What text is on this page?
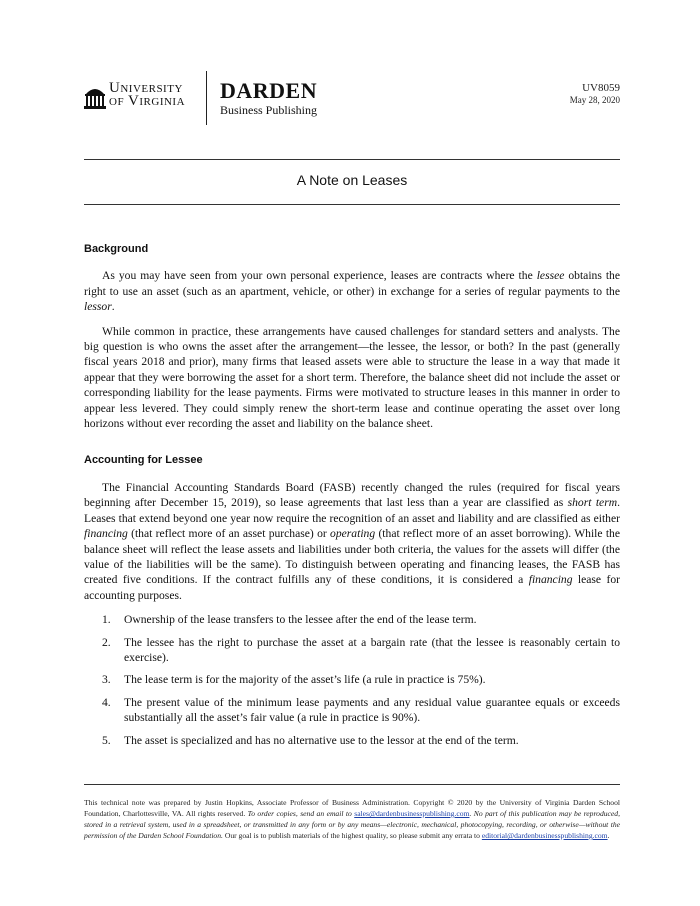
University
of Virginia DARDEN
Business Publishing
UV8059
May 28, 2020
A Note on Leases
Background

As you may have seen from your own personal experience, leases are contracts where the lessee obtains the right to use an asset (such as an apartment, vehicle, or other) in exchange for a series of regular payments to the lessor.

While common in practice, these arrangements have caused challenges for standard setters and analysts. The big question is who owns the asset after the arrangement—the lessee, the lessor, or both? In the past (generally fiscal years 2018 and prior), many firms that leased assets were able to structure the lease in a way that made it appear that they were borrowing the asset for a short term. Therefore, the balance sheet did not include the asset or corresponding liability for the lease payments. Firms were motivated to structure leases in this manner in order to appear less levered. They could simply renew the short-term lease and continue operating the asset over long horizons without ever recording the asset and liability on the balance sheet.

Accounting for Lessee

The Financial Accounting Standards Board (FASB) recently changed the rules (required for fiscal years beginning after December 15, 2019), so lease agreements that last less than a year are classified as short term. Leases that extend beyond one year now require the recognition of an asset and liability and are classified as either financing (that reflect more of an asset purchase) or operating (that reflect more of an asset borrowing). While the balance sheet will reflect the lease assets and liabilities under both criteria, the values for the assets will differ (the value of the liabilities will be the same). To distinguish between operating and financing leases, the FASB has created five conditions. If the contract fulfills any of these conditions, it is considered a financing lease for accounting purposes.

1. Ownership of the lease transfers to the lessee after the end of the lease term.
2. The lessee has the right to purchase the asset at a bargain rate (that the lessee is reasonably certain to exercise).
3. The lease term is for the majority of the asset’s life (a rule in practice is 75%).
4. The present value of the minimum lease payments and any residual value guarantee equals or exceeds substantially all the asset’s fair value (a rule in practice is 90%).
5. The asset is specialized and has no alternative use to the lessor at the end of the term.
This technical note was prepared by Justin Hopkins, Associate Professor of Business Administration. Copyright © 2020 by the University of Virginia Darden School Foundation, Charlottesville, VA. All rights reserved. To order copies, send an email to sales@dardenbusinesspublishing.com. No part of this publication may be reproduced, stored in a retrieval system, used in a spreadsheet, or transmitted in any form or by any means—electronic, mechanical, photocopying, recording, or otherwise—without the permission of the Darden School Foundation. Our goal is to publish materials of the highest quality, so please submit any errata to editorial@dardenbusinesspublishing.com.
